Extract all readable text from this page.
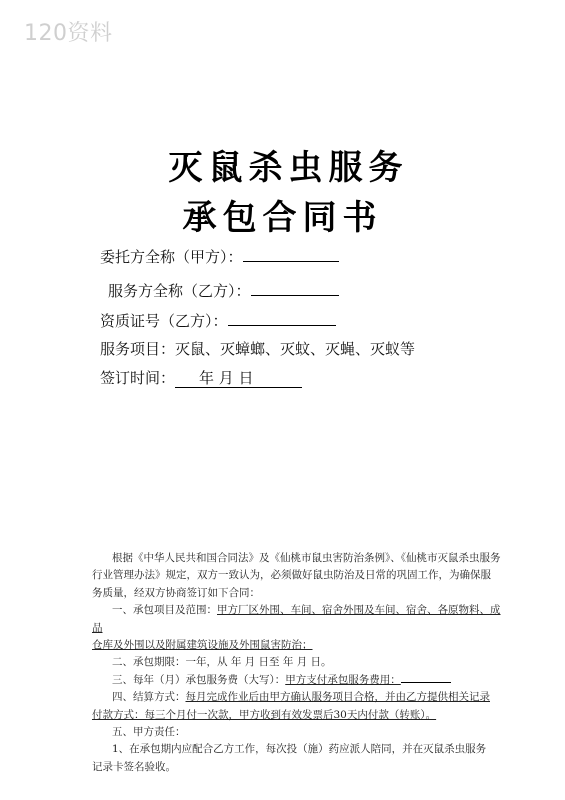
120资料
灭鼠杀虫服务
承包合同书
委托方全称（甲方）：
服务方全称（乙方）：
资质证号（乙方）：
服务项目：灭鼠、灭蟑螂、灭蚊、灭蝇、灭蚁等
签订时间： 年 月 日

根据《中华人民共和国合同法》及《仙桃市鼠虫害防治条例》、《仙桃市灭鼠杀虫服务

行业管理办法》规定，双方一致认为，必须做好鼠虫防治及日常的巩固工作，为确保服

务质量，经双方协商签订如下合同：

一、承包项目及范围：甲方厂区外围、车间、宿舍外围及车间、宿舍、各原物料、成品

仓库及外围以及附属建筑设施及外围鼠害防治；

二、承包期限：一年，从 年 月 日至 年 月 日。

三、每年（月）承包服务费（大写）：甲方支付承包服务费用：

四、结算方式：每月完成作业后由甲方确认服务项目合格，并由乙方提供相关记录

付款方式：每三个月付一次款，甲方收到有效发票后30天内付款（转账）。

五、甲方责任：

1、在承包期内应配合乙方工作，每次投（施）药应派人陪同，并在灭鼠杀虫服务

记录卡签名验收。
